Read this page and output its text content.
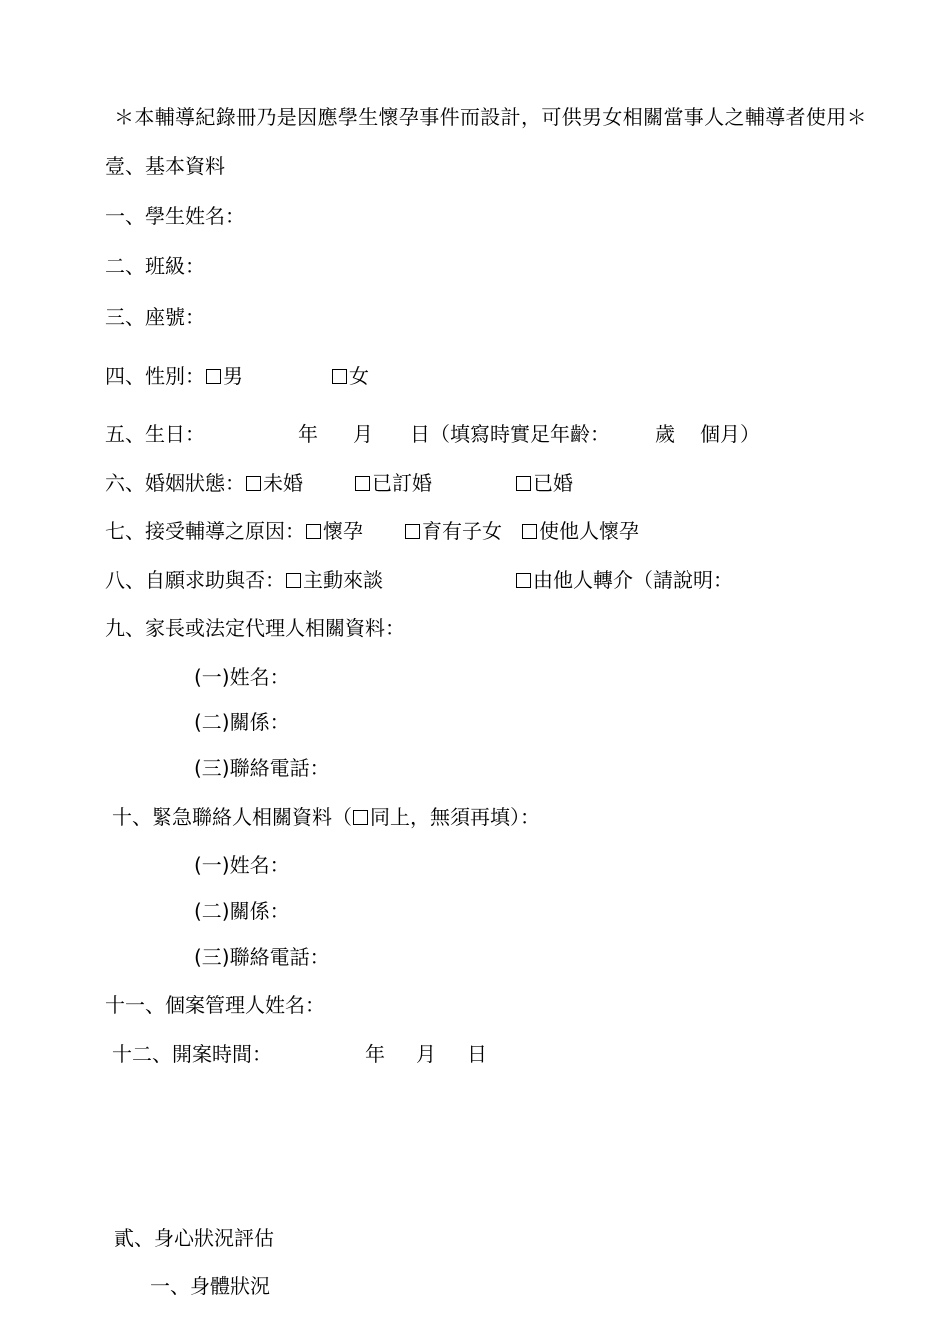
＊本輔導紀錄冊乃是因應學生懷孕事件而設計，可供男女相關當事人之輔導者使用＊
壹、基本資料
一、學生姓名：
二、班級：
三、座號：
四、性別： 男	女
五、生日：	年 月 日 （填寫時實足年齡： 歲 個月）
六、婚姻狀態： 未婚	已訂婚	已婚
七、接受輔導之原因： 懷孕	育有子女	使他人懷孕
八、自願求助與否： 主動來談	由他人轉介（請說明：
九、家長或法定代理人相關資料：
(一)姓名：
(二)關係：
(三)聯絡電話：
十、緊急聯絡人相關資料（ 同上，無須再填）：
(一)姓名：
(二)關係：
(三)聯絡電話：
十一、個案管理人姓名：
十二、開案時間：	年 月 日
貳、身心狀況評估
一、身體狀況
